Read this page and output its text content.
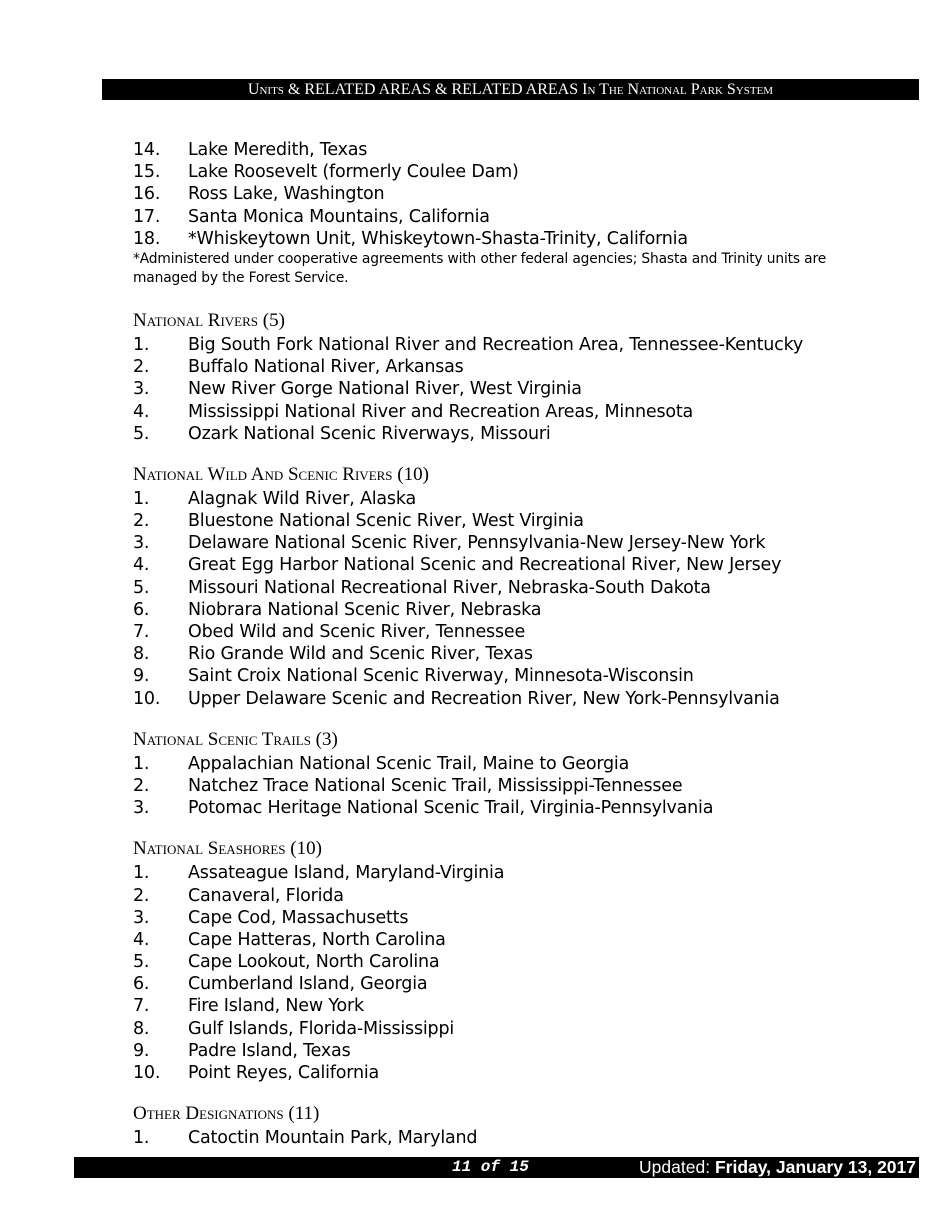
Units & RELATED AREAS & RELATED AREAS In The National Park System
14.	Lake Meredith, Texas
15.	Lake Roosevelt (formerly Coulee Dam)
16.	Ross Lake, Washington
17.	Santa Monica Mountains, California
18.	*Whiskeytown Unit, Whiskeytown-Shasta-Trinity, California
*Administered under cooperative agreements with other federal agencies; Shasta and Trinity units are managed by the Forest Service.
National Rivers (5)
1.	Big South Fork National River and Recreation Area, Tennessee-Kentucky
2.	Buffalo National River, Arkansas
3.	New River Gorge National River, West Virginia
4.	Mississippi National River and Recreation Areas, Minnesota
5.	Ozark National Scenic Riverways, Missouri
National Wild And Scenic Rivers (10)
1.	Alagnak Wild River, Alaska
2.	Bluestone National Scenic River, West Virginia
3.	Delaware National Scenic River, Pennsylvania-New Jersey-New York
4.	Great Egg Harbor National Scenic and Recreational River, New Jersey
5.	Missouri National Recreational River, Nebraska-South Dakota
6.	Niobrara National Scenic River, Nebraska
7.	Obed Wild and Scenic River, Tennessee
8.	Rio Grande Wild and Scenic River, Texas
9.	Saint Croix National Scenic Riverway, Minnesota-Wisconsin
10.	Upper Delaware Scenic and Recreation River, New York-Pennsylvania
National Scenic Trails (3)
1.	Appalachian National Scenic Trail, Maine to Georgia
2.	Natchez Trace National Scenic Trail, Mississippi-Tennessee
3.	Potomac Heritage National Scenic Trail, Virginia-Pennsylvania
National Seashores (10)
1.	Assateague Island, Maryland-Virginia
2.	Canaveral, Florida
3.	Cape Cod, Massachusetts
4.	Cape Hatteras, North Carolina
5.	Cape Lookout, North Carolina
6.	Cumberland Island, Georgia
7.	Fire Island, New York
8.	Gulf Islands, Florida-Mississippi
9.	Padre Island, Texas
10.	Point Reyes, California
Other Designations (11)
1.	Catoctin Mountain Park, Maryland
11 of 15	Updated: Friday, January 13, 2017
